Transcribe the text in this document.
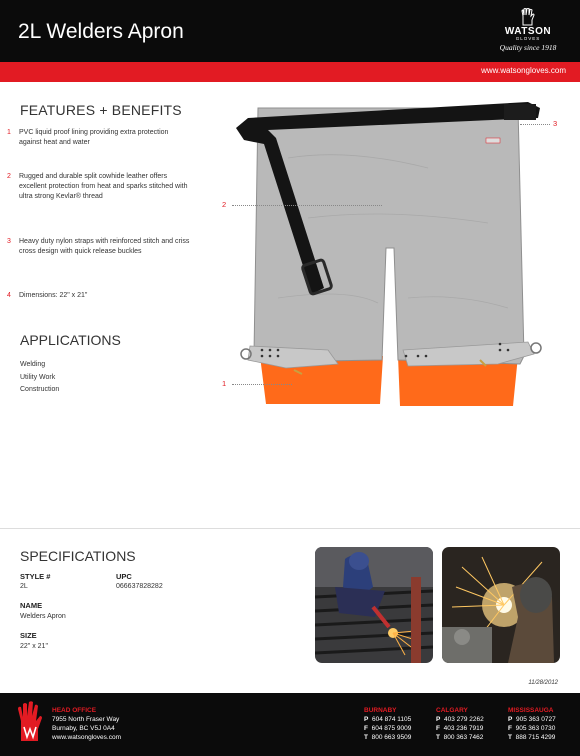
2L Welders Apron	WATSON
GLOVES
Quality since 1918
www.watsongloves.com
FEATURES + BENEFITS
1 PVC liquid proof lining providing extra protection against heat and water
2 Rugged and durable split cowhide leather offers excellent protection from heat and sparks stitched with ultra strong Kevlar® thread
3 Heavy duty nylon straps with reinforced stitch and criss cross design with quick release buckles
4 Dimensions: 22" x 21"
APPLICATIONS
Welding
Utility Work
Construction
2
3
1
SPECIFICATIONS
STYLE #
2L
UPC
066637828282
NAME
Welders Apron
SIZE
22" x 21"
11/28/2012
HEAD OFFICE
7955 North Fraser Way
Burnaby, BC V5J 0A4
www.watsongloves.com
BURNABY
P 604 874 1105
F 604 875 9009
T 800 663 9509
CALGARY
P 403 279 2262
F 403 236 7919
T 800 363 7462
MISSISSAUGA
P 905 363 0727
F 905 363 0730
T 888 715 4299
